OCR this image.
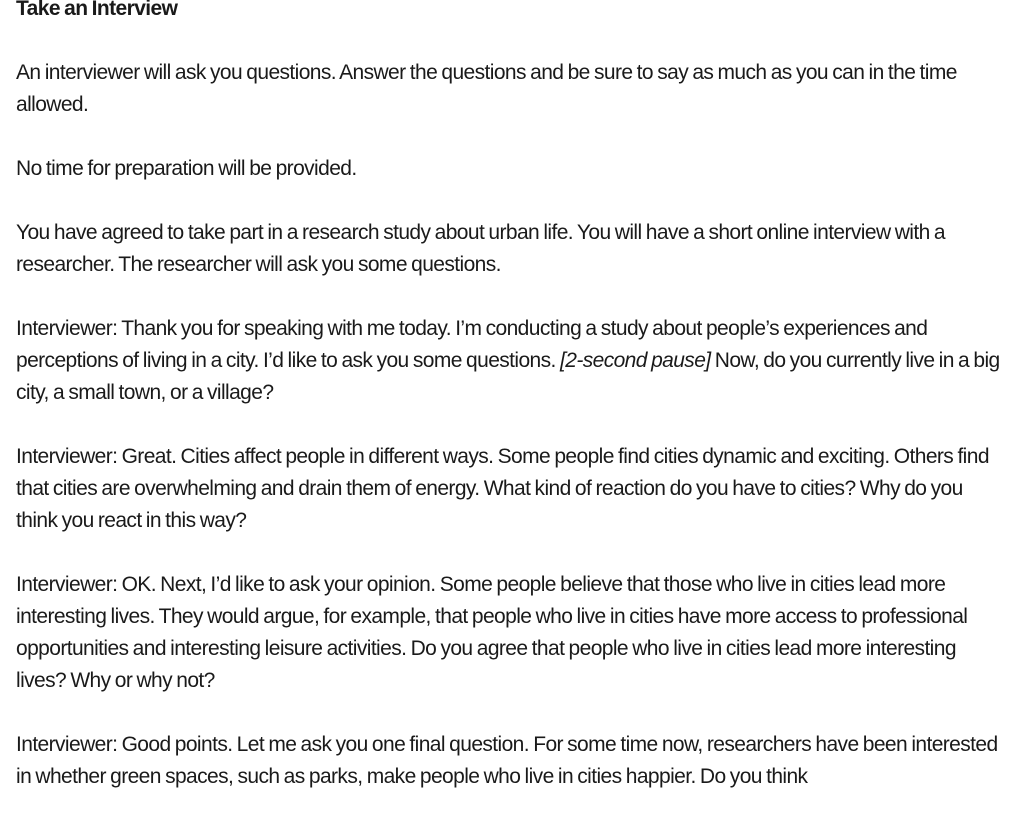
Take an Interview

An interviewer will ask you questions. Answer the questions and be sure to say as much as you can in the time allowed.

No time for preparation will be provided.

You have agreed to take part in a research study about urban life. You will have a short online interview with a researcher. The researcher will ask you some questions.

Interviewer: Thank you for speaking with me today. I’m conducting a study about people’s experiences and perceptions of living in a city. I’d like to ask you some questions. [2-second pause] Now, do you currently live in a big city, a small town, or a village?

Interviewer: Great. Cities affect people in different ways. Some people find cities dynamic and exciting. Others find that cities are overwhelming and drain them of energy. What kind of reaction do you have to cities? Why do you think you react in this way?

Interviewer: OK. Next, I’d like to ask your opinion. Some people believe that those who live in cities lead more interesting lives. They would argue, for example, that people who live in cities have more access to professional opportunities and interesting leisure activities. Do you agree that people who live in cities lead more interesting lives? Why or why not?

Interviewer: Good points. Let me ask you one final question. For some time now, researchers have been interested in whether green spaces, such as parks, make people who live in cities happier. Do you think
